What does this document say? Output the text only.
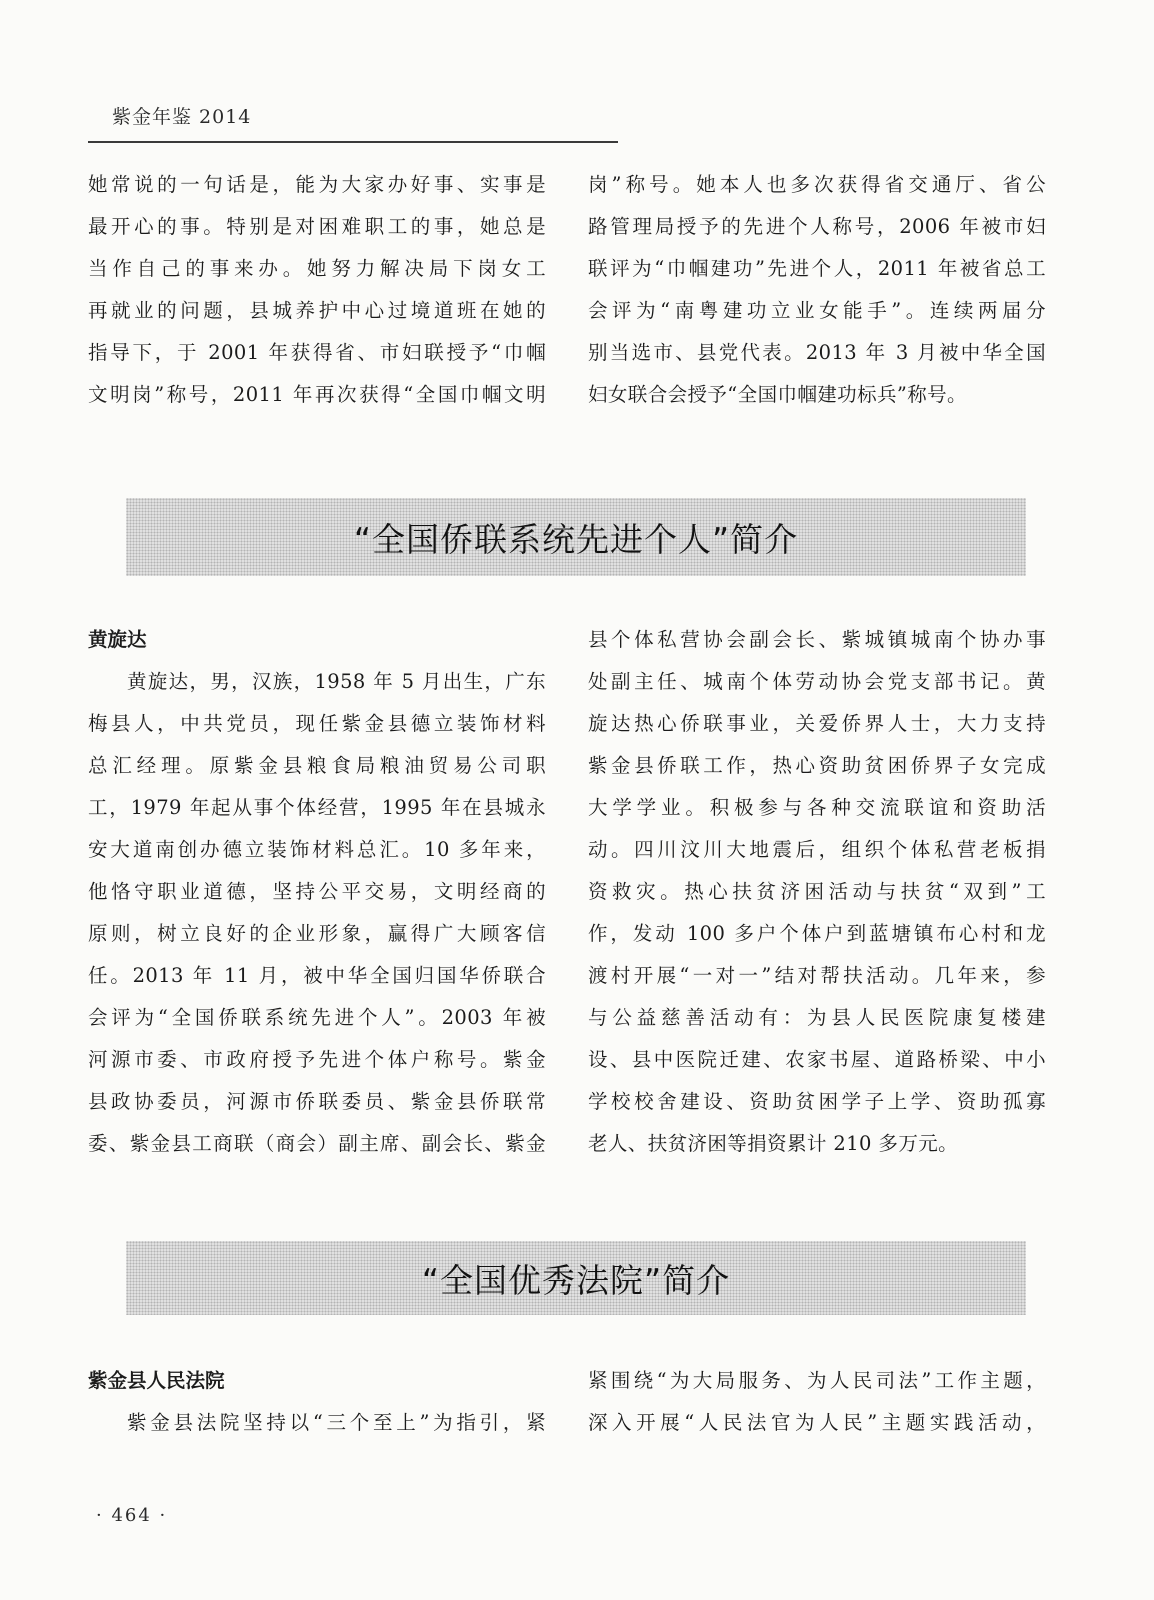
紫金年鉴 2014

她常说的一句话是，能为大家办好事、实事是

最开心的事。特别是对困难职工的事，她总是

当作自己的事来办。她努力解决局下岗女工

再就业的问题，县城养护中心过境道班在她的

指导下，于 2001 年获得省、市妇联授予“巾帼

文明岗”称号，2011 年再次获得“全国巾帼文明

岗”称号。她本人也多次获得省交通厅、省公

路管理局授予的先进个人称号，2006 年被市妇

联评为“巾帼建功”先进个人，2011 年被省总工

会评为“南粤建功立业女能手”。连续两届分

别当选市、县党代表。2013 年 3 月被中华全国

妇女联合会授予“全国巾帼建功标兵”称号。

“全国侨联系统先进个人”简介
黄旋达

黄旋达，男，汉族，1958 年 5 月出生，广东

梅县人，中共党员，现任紫金县德立装饰材料

总汇经理。原紫金县粮食局粮油贸易公司职

工，1979 年起从事个体经营，1995 年在县城永

安大道南创办德立装饰材料总汇。10 多年来，

他恪守职业道德，坚持公平交易，文明经商的

原则，树立良好的企业形象，赢得广大顾客信

任。2013 年 11 月，被中华全国归国华侨联合

会评为“全国侨联系统先进个人”。2003 年被

河源市委、市政府授予先进个体户称号。紫金

县政协委员，河源市侨联委员、紫金县侨联常

委、紫金县工商联（商会）副主席、副会长、紫金

县个体私营协会副会长、紫城镇城南个协办事

处副主任、城南个体劳动协会党支部书记。黄

旋达热心侨联事业，关爱侨界人士，大力支持

紫金县侨联工作，热心资助贫困侨界子女完成

大学学业。积极参与各种交流联谊和资助活

动。四川汶川大地震后，组织个体私营老板捐

资救灾。热心扶贫济困活动与扶贫“双到”工

作，发动 100 多户个体户到蓝塘镇布心村和龙

渡村开展“一对一”结对帮扶活动。几年来，参

与公益慈善活动有：为县人民医院康复楼建

设、县中医院迁建、农家书屋、道路桥梁、中小

学校校舍建设、资助贫困学子上学、资助孤寡

老人、扶贫济困等捐资累计 210 多万元。

“全国优秀法院”简介
紫金县人民法院

紫金县法院坚持以“三个至上”为指引，紧

紧围绕“为大局服务、为人民司法”工作主题，

深入开展“人民法官为人民”主题实践活动，

· 464 ·
